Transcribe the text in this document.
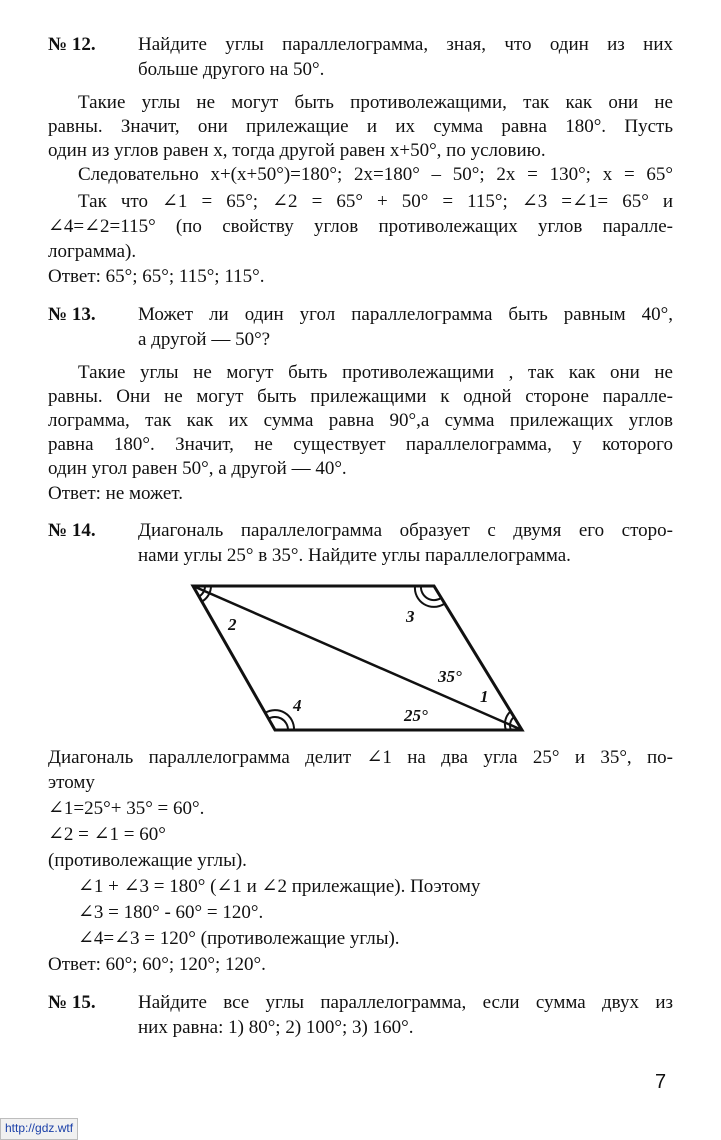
№ 12. Найдите углы параллелограмма, зная, что один из них

больше другого на 50°.

Такие углы не могут быть противолежащими, так как они не

равны. Значит, они прилежащие и их сумма равна 180°. Пусть

один из углов равен х, тогда другой равен х+50°, по условию.

Следовательно х+(х+50°)=180°; 2х=180° – 50°; 2х = 130°; х = 65°

Так что ∠1 = 65°; ∠2 = 65° + 50° = 115°; ∠3 =∠1= 65° и

∠4=∠2=115° (по свойству углов противолежащих углов паралле-

лограмма).

Ответ: 65°; 65°; 115°; 115°.

№ 13. Может ли один угол параллелограмма быть равным 40°,

а другой — 50°?

Такие углы не могут быть противолежащими , так как они не

равны. Они не могут быть прилежащими к одной стороне паралле-

лограмма, так как их сумма равна 90°,а сумма прилежащих углов

равна 180°. Значит, не существует параллелограмма, у которого

один угол равен 50°, а другой — 40°.

Ответ: не может.

№ 14. Диагональ параллелограмма образует с двумя его сторо-

нами углы 25° в 35°. Найдите углы параллелограмма.

2	3
4	1
35°
25°

Диагональ параллелограмма делит ∠1 на два угла 25° и 35°, по-

этому

∠1=25°+ 35° = 60°.

∠2 = ∠1 = 60°

(противолежащие углы).

∠1 + ∠3 = 180° (∠1 и ∠2 прилежащие). Поэтому

∠3 = 180° - 60° = 120°.

∠4=∠3 = 120° (противолежащие углы).

Ответ: 60°; 60°; 120°; 120°.

№ 15. Найдите все углы параллелограмма, если сумма двух из

них равна: 1) 80°; 2) 100°; 3) 160°.

7

http://gdz.wtf
